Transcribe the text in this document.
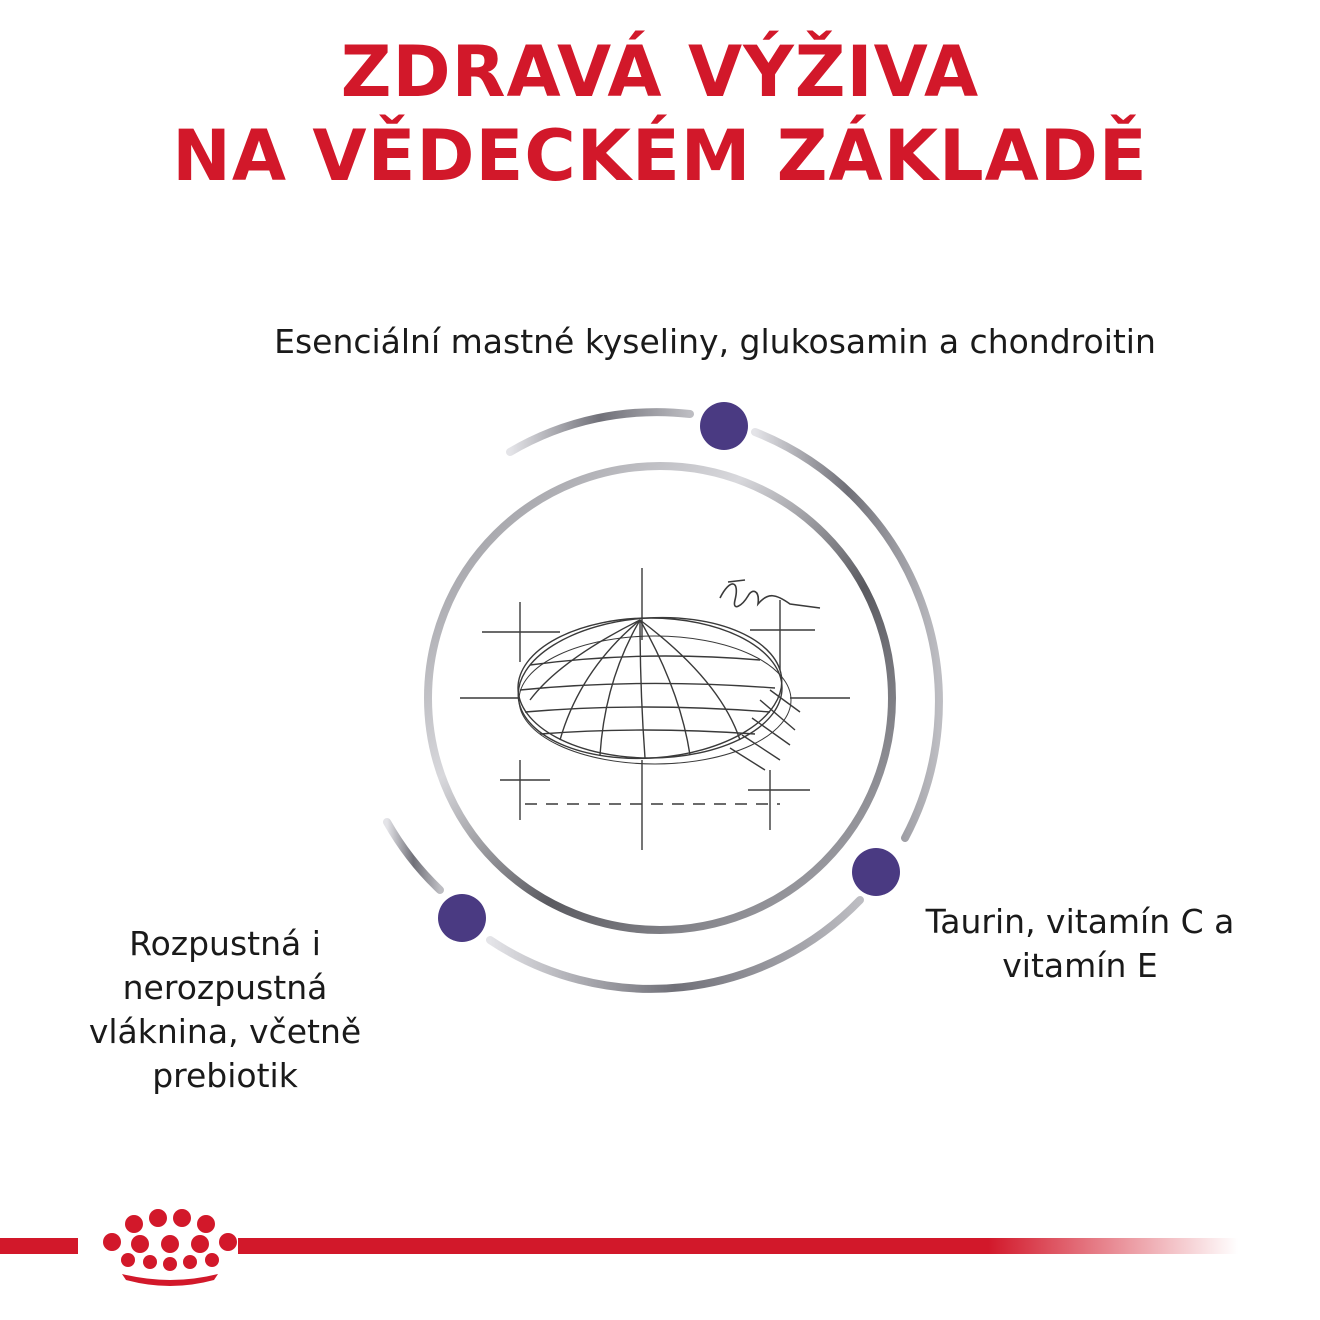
ZDRAVÁ VÝŽIVA
NA VĚDECKÉM ZÁKLADĚ
Esenciální mastné kyseliny, glukosamin a chondroitin
Taurin, vitamín C a
vitamín E
Rozpustná i
nerozpustná
vláknina, včetně
prebiotik
